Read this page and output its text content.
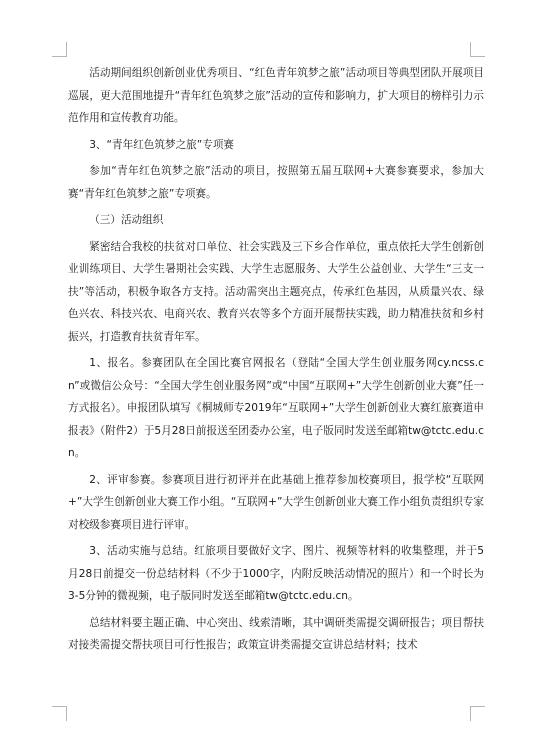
活动期间组织创新创业优秀项目、“红色青年筑梦之旅”活动项目等典型团队开展项目巡展，更大范围地提升“青年红色筑梦之旅”活动的宣传和影响力，扩大项目的榜样引力示范作用和宣传教育功能。

3、“青年红色筑梦之旅”专项赛

参加“青年红色筑梦之旅”活动的项目，按照第五届互联网+大赛参赛要求，参加大赛“青年红色筑梦之旅”专项赛。

（三）活动组织

紧密结合我校的扶贫对口单位、社会实践及三下乡合作单位，重点依托大学生创新创业训练项目、大学生暑期社会实践、大学生志愿服务、大学生公益创业、大学生“三支一扶”等活动，积极争取各方支持。活动需突出主题亮点，传承红色基因，从质量兴农、绿色兴农、科技兴农、电商兴农、教育兴农等多个方面开展帮扶实践，助力精准扶贫和乡村振兴，打造教育扶贫青年军。

1、报名。参赛团队在全国比赛官网报名（登陆“全国大学生创业服务网cy.ncss.cn”或微信公众号：“全国大学生创业服务网”或“中国“互联网+”大学生创新创业大赛”任一方式报名）。申报团队填写《桐城师专2019年“互联网+”大学生创新创业大赛红旅赛道申报表》（附件2）于5月28日前报送至团委办公室，电子版同时发送至邮箱tw@tctc.edu.cn。

2、评审参赛。参赛项目进行初评并在此基础上推荐参加校赛项目，报学校“互联网+”大学生创新创业大赛工作小组。“互联网+”大学生创新创业大赛工作小组负责组织专家对校级参赛项目进行评审。

3、活动实施与总结。红旅项目要做好文字、图片、视频等材料的收集整理，并于5月28日前提交一份总结材料（不少于1000字，内附反映活动情况的照片）和一个时长为3-5分钟的微视频，电子版同时发送至邮箱tw@tctc.edu.cn。

总结材料要主题正确、中心突出、线索清晰，其中调研类需提交调研报告；项目帮扶对接类需提交帮扶项目可行性报告；政策宣讲类需提交宣讲总结材料；技术
